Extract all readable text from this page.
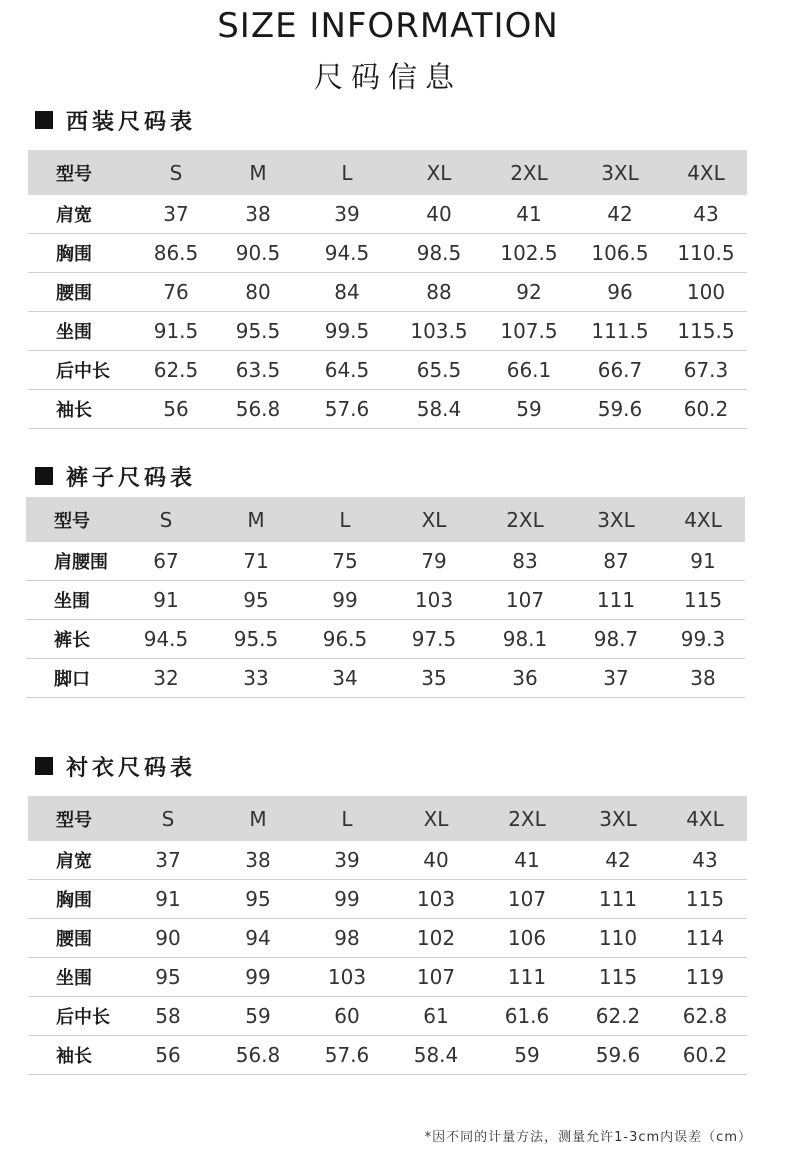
SIZE INFORMATION
尺码信息
西装尺码表
型号	S	M	L	XL	2XL	3XL	4XL
肩宽	37	38	39	40	41	42	43
胸围	86.5	90.5	94.5	98.5	102.5	106.5	110.5
腰围	76	80	84	88	92	96	100
坐围	91.5	95.5	99.5	103.5	107.5	111.5	115.5
后中长	62.5	63.5	64.5	65.5	66.1	66.7	67.3
袖长	56	56.8	57.6	58.4	59	59.6	60.2
裤子尺码表
型号	S	M	L	XL	2XL	3XL	4XL
肩腰围	67	71	75	79	83	87	91
坐围	91	95	99	103	107	111	115
裤长	94.5	95.5	96.5	97.5	98.1	98.7	99.3
脚口	32	33	34	35	36	37	38
衬衣尺码表
型号	S	M	L	XL	2XL	3XL	4XL
肩宽	37	38	39	40	41	42	43
胸围	91	95	99	103	107	111	115
腰围	90	94	98	102	106	110	114
坐围	95	99	103	107	111	115	119
后中长	58	59	60	61	61.6	62.2	62.8
袖长	56	56.8	57.6	58.4	59	59.6	60.2
*因不同的计量方法，测量允许1-3cm内误差（cm）
